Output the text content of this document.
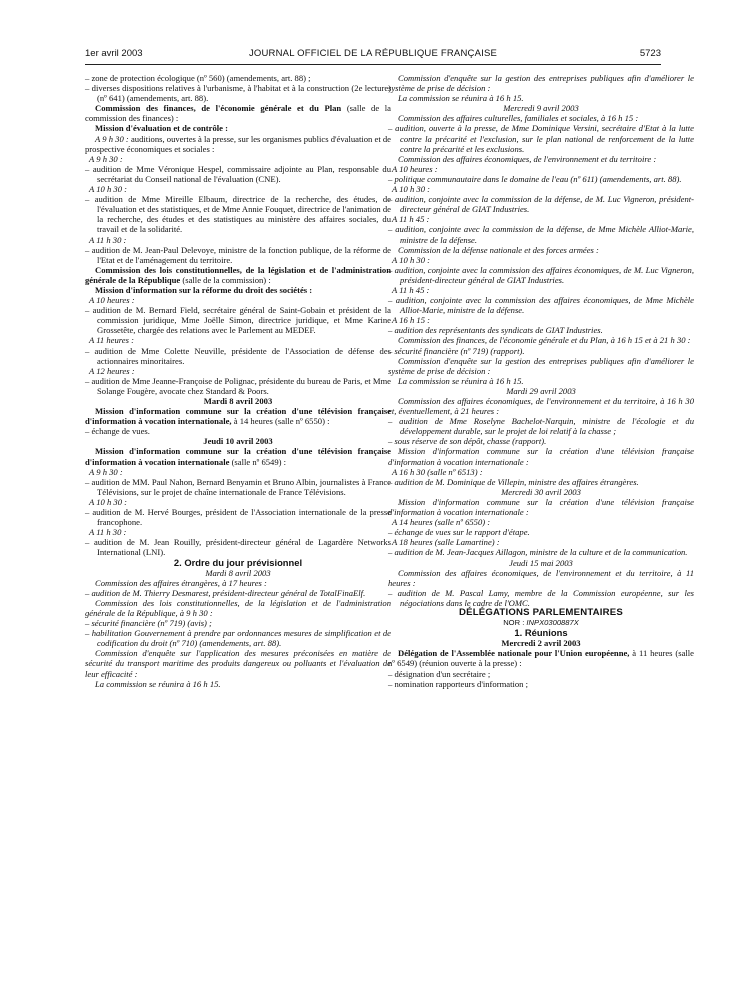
1er avril 2003	JOURNAL OFFICIEL DE LA RÉPUBLIQUE FRANÇAISE	5723

– zone de protection écologique (nº 560) (amendements, art. 88) ;

– diverses dispositions relatives à l'urbanisme, à l'habitat et à la construction (2e lecture) (nº 641) (amendements, art. 88).

Commission des finances, de l'économie générale et du Plan (salle de la commission des finances) :

Mission d'évaluation et de contrôle :

A 9 h 30 : auditions, ouvertes à la presse, sur les organismes publics d'évaluation et de prospective économiques et sociales :

A 9 h 30 :

– audition de Mme Véronique Hespel, commissaire adjointe au Plan, responsable du secrétariat du Conseil national de l'évaluation (CNE).

A 10 h 30 :

– audition de Mme Mireille Elbaum, directrice de la recherche, des études, de l'évaluation et des statistiques, et de Mme Annie Fouquet, directrice de l'animation de la recherche, des études et des statistiques au ministère des affaires sociales, du travail et de la solidarité.

A 11 h 30 :

– audition de M. Jean-Paul Delevoye, ministre de la fonction publique, de la réforme de l'Etat et de l'aménagement du territoire.

Commission des lois constitutionnelles, de la législation et de l'administration générale de la République (salle de la commission) :

Mission d'information sur la réforme du droit des sociétés :

A 10 heures :

– audition de M. Bernard Field, secrétaire général de Saint-Gobain et président de la commission juridique, Mme Joëlle Simon, directrice juridique, et Mme Karine Grossetête, chargée des relations avec le Parlement au MEDEF.

A 11 heures :

– audition de Mme Colette Neuville, présidente de l'Association de défense des actionnaires minoritaires.

A 12 heures :

– audition de Mme Jeanne-Françoise de Polignac, présidente du bureau de Paris, et Mme Solange Fougère, avocate chez Standard & Poors.

Mardi 8 avril 2003

Mission d'information commune sur la création d'une télévision française d'information à vocation internationale, à 14 heures (salle nº 6550) :

– échange de vues.

Jeudi 10 avril 2003

Mission d'information commune sur la création d'une télévision française d'information à vocation internationale (salle nº 6549) :

A 9 h 30 :

– audition de MM. Paul Nahon, Bernard Benyamin et Bruno Albin, journalistes à France Télévisions, sur le projet de chaîne internationale de France Télévisions.

A 10 h 30 :

– audition de M. Hervé Bourges, président de l'Association internationale de la presse francophone.

A 11 h 30 :

– audition de M. Jean Rouilly, président-directeur général de Lagardère Networks International (LNI).

2. Ordre du jour prévisionnel

Mardi 8 avril 2003

Commission des affaires étrangères, à 17 heures :

– audition de M. Thierry Desmarest, président-directeur général de TotalFinaElf.

Commission des lois constitutionnelles, de la législation et de l'administration générale de la République, à 9 h 30 :

– sécurité financière (nº 719) (avis) ;

– habilitation Gouvernement à prendre par ordonnances mesures de simplification et de codification du droit (nº 710) (amendements, art. 88).

Commission d'enquête sur l'application des mesures préconisées en matière de sécurité du transport maritime des produits dangereux ou polluants et l'évaluation de leur efficacité :

La commission se réunira à 16 h 15.

Commission d'enquête sur la gestion des entreprises publiques afin d'améliorer le système de prise de décision :

La commission se réunira à 16 h 15.

Mercredi 9 avril 2003

Commission des affaires culturelles, familiales et sociales, à 16 h 15 :

– audition, ouverte à la presse, de Mme Dominique Versini, secrétaire d'Etat à la lutte contre la précarité et l'exclusion, sur le plan national de renforcement de la lutte contre la précarité et les exclusions.

Commission des affaires économiques, de l'environnement et du territoire :

A 10 heures :

– politique communautaire dans le domaine de l'eau (nº 611) (amendements, art. 88).

A 10 h 30 :

– audition, conjointe avec la commission de la défense, de M. Luc Vigneron, président-directeur général de GIAT Industries.

A 11 h 45 :

– audition, conjointe avec la commission de la défense, de Mme Michèle Alliot-Marie, ministre de la défense.

Commission de la défense nationale et des forces armées :

A 10 h 30 :

– audition, conjointe avec la commission des affaires économiques, de M. Luc Vigneron, président-directeur général de GIAT Industries.

A 11 h 45 :

– audition, conjointe avec la commission des affaires économiques, de Mme Michèle Alliot-Marie, ministre de la défense.

A 16 h 15 :

– audition des représentants des syndicats de GIAT Industries.

Commission des finances, de l'économie générale et du Plan, à 16 h 15 et à 21 h 30 :

– sécurité financière (nº 719) (rapport).

Commission d'enquête sur la gestion des entreprises publiques afin d'améliorer le système de prise de décision :

La commission se réunira à 16 h 15.

Mardi 29 avril 2003

Commission des affaires économiques, de l'environnement et du territoire, à 16 h 30 et, éventuellement, à 21 heures :

– audition de Mme Roselyne Bachelot-Narquin, ministre de l'écologie et du développement durable, sur le projet de loi relatif à la chasse ;

– sous réserve de son dépôt, chasse (rapport).

Mission d'information commune sur la création d'une télévision française d'information à vocation internationale :

A 16 h 30 (salle nº 6513) :

– audition de M. Dominique de Villepin, ministre des affaires étrangères.

Mercredi 30 avril 2003

Mission d'information commune sur la création d'une télévision française d'information à vocation internationale :

A 14 heures (salle nº 6550) :

– échange de vues sur le rapport d'étape.

A 18 heures (salle Lamartine) :

– audition de M. Jean-Jacques Aillagon, ministre de la culture et de la communication.

Jeudi 15 mai 2003

Commission des affaires économiques, de l'environnement et du territoire, à 11 heures :

– audition de M. Pascal Lamy, membre de la Commission européenne, sur les négociations dans le cadre de l'OMC.

DÉLÉGATIONS PARLEMENTAIRES

NOR : INPX0300887X

1. Réunions

Mercredi 2 avril 2003

Délégation de l'Assemblée nationale pour l'Union européenne, à 11 heures (salle nº 6549) (réunion ouverte à la presse) :

– désignation d'un secrétaire ;

– nomination rapporteurs d'information ;
